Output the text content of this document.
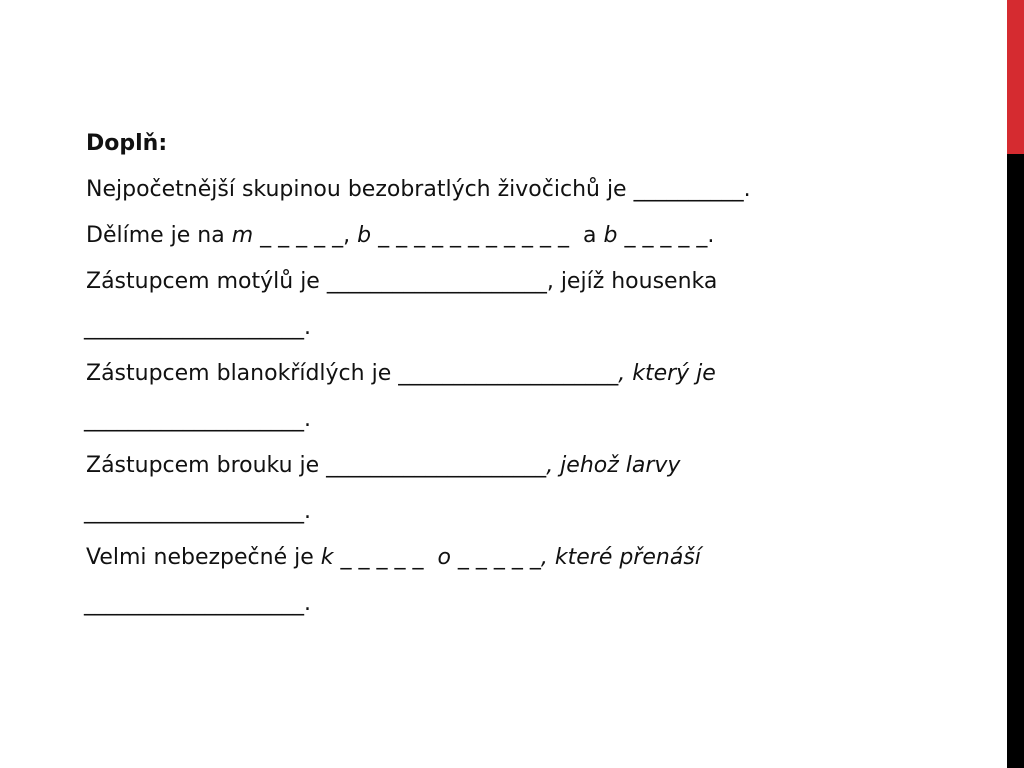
Doplň:
Nejpočetnější skupinou bezobratlých živočichů je __________.
Dělíme je na m _ _ _ _ _, b _ _ _ _ _ _ _ _ _ _ _  a b _ _ _ _ _.
Zástupcem motýlů je ____________________, jejíž housenka
____________________.
Zástupcem blanokřídlých je ____________________, který je
____________________.
Zástupcem brouku je ____________________, jehož larvy
____________________.
Velmi nebezpečné je k _ _ _ _ _  o _ _ _ _ _, které přenáší
____________________.
